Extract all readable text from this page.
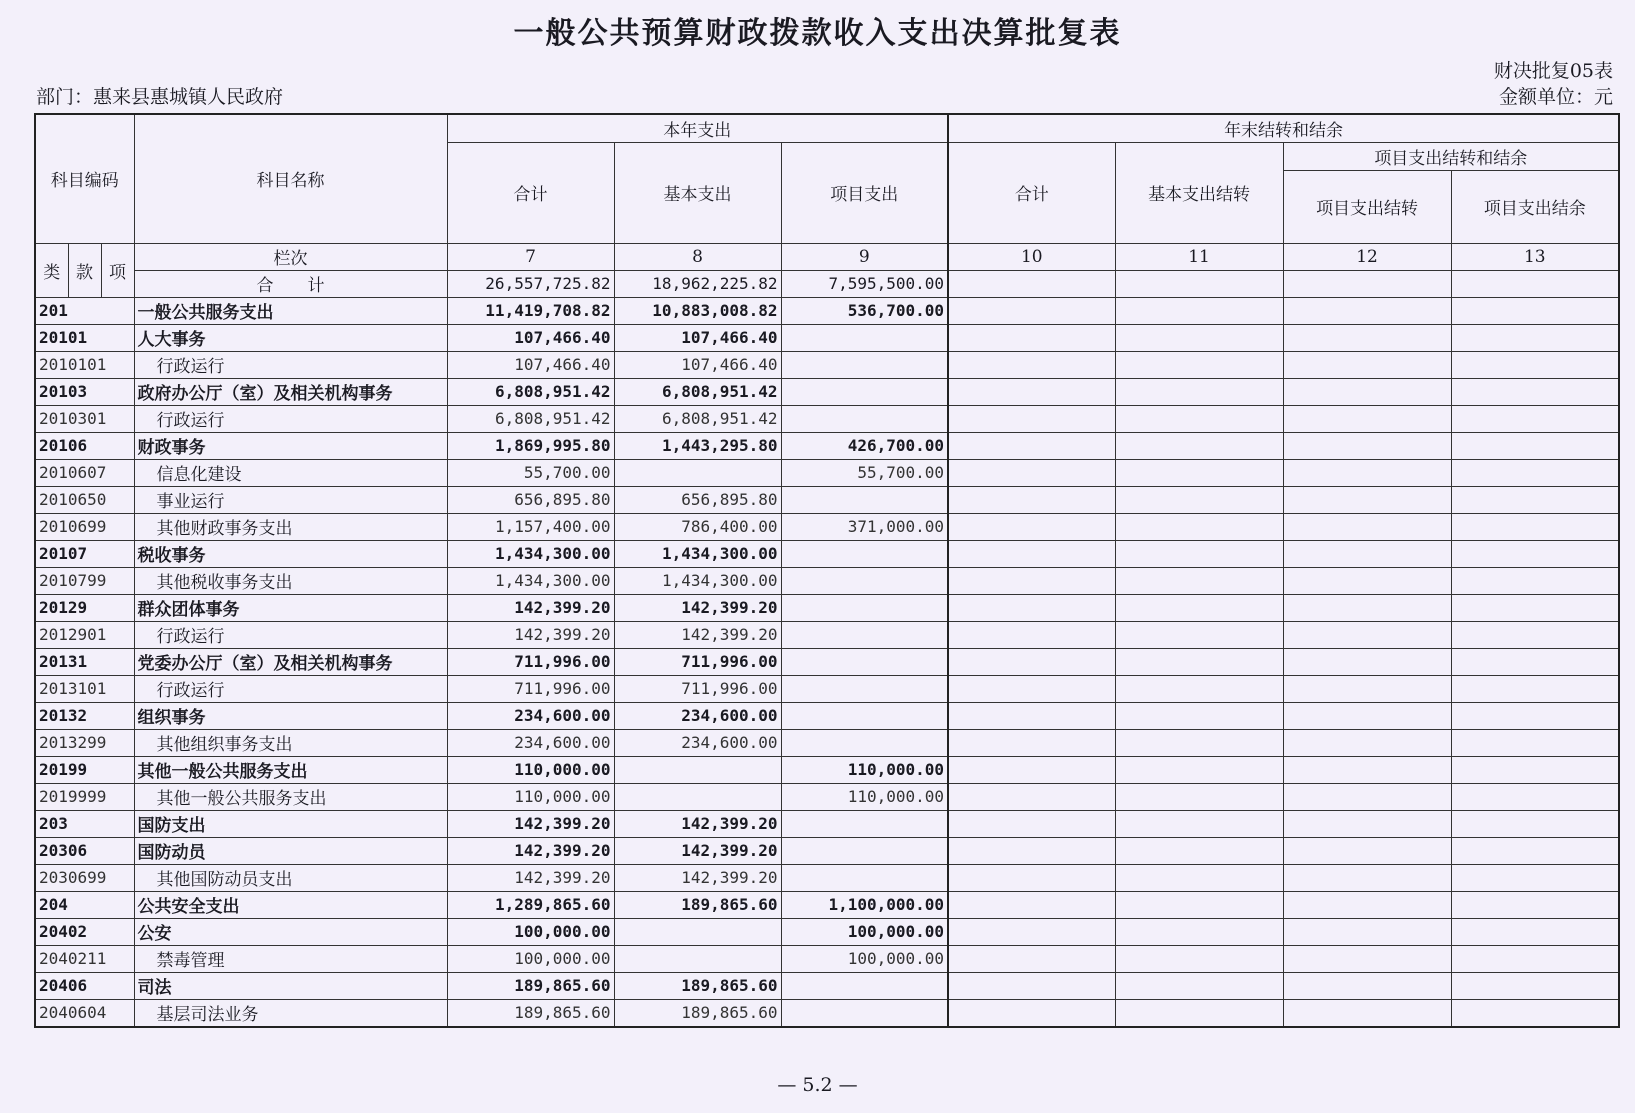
一般公共预算财政拨款收入支出决算批复表
部门：惠来县惠城镇人民政府
财决批复05表
金额单位：元
科目编码			科目名称	本年支出			年末结转和结余			
				合计	基本支出	项目支出	合计	基本支出结转	项目支出结转和结余	
									项目支出结转	项目支出结余
类	款	项	栏次	7	8	9	10	11	12	13
			合　　计	26,557,725.82	18,962,225.82	7,595,500.00				
201			一般公共服务支出	11,419,708.82	10,883,008.82	536,700.00				
20101			人大事务	107,466.40	107,466.40					
2010101			行政运行	107,466.40	107,466.40					
20103			政府办公厅（室）及相关机构事务	6,808,951.42	6,808,951.42					
2010301			行政运行	6,808,951.42	6,808,951.42					
20106			财政事务	1,869,995.80	1,443,295.80	426,700.00				
2010607			信息化建设	55,700.00		55,700.00				
2010650			事业运行	656,895.80	656,895.80					
2010699			其他财政事务支出	1,157,400.00	786,400.00	371,000.00				
20107			税收事务	1,434,300.00	1,434,300.00					
2010799			其他税收事务支出	1,434,300.00	1,434,300.00					
20129			群众团体事务	142,399.20	142,399.20					
2012901			行政运行	142,399.20	142,399.20					
20131			党委办公厅（室）及相关机构事务	711,996.00	711,996.00					
2013101			行政运行	711,996.00	711,996.00					
20132			组织事务	234,600.00	234,600.00					
2013299			其他组织事务支出	234,600.00	234,600.00					
20199			其他一般公共服务支出	110,000.00		110,000.00				
2019999			其他一般公共服务支出	110,000.00		110,000.00				
203			国防支出	142,399.20	142,399.20					
20306			国防动员	142,399.20	142,399.20					
2030699			其他国防动员支出	142,399.20	142,399.20					
204			公共安全支出	1,289,865.60	189,865.60	1,100,000.00				
20402			公安	100,000.00		100,000.00				
2040211			禁毒管理	100,000.00		100,000.00				
20406			司法	189,865.60	189,865.60					
2040604			基层司法业务	189,865.60	189,865.60					
— 5.2 —
